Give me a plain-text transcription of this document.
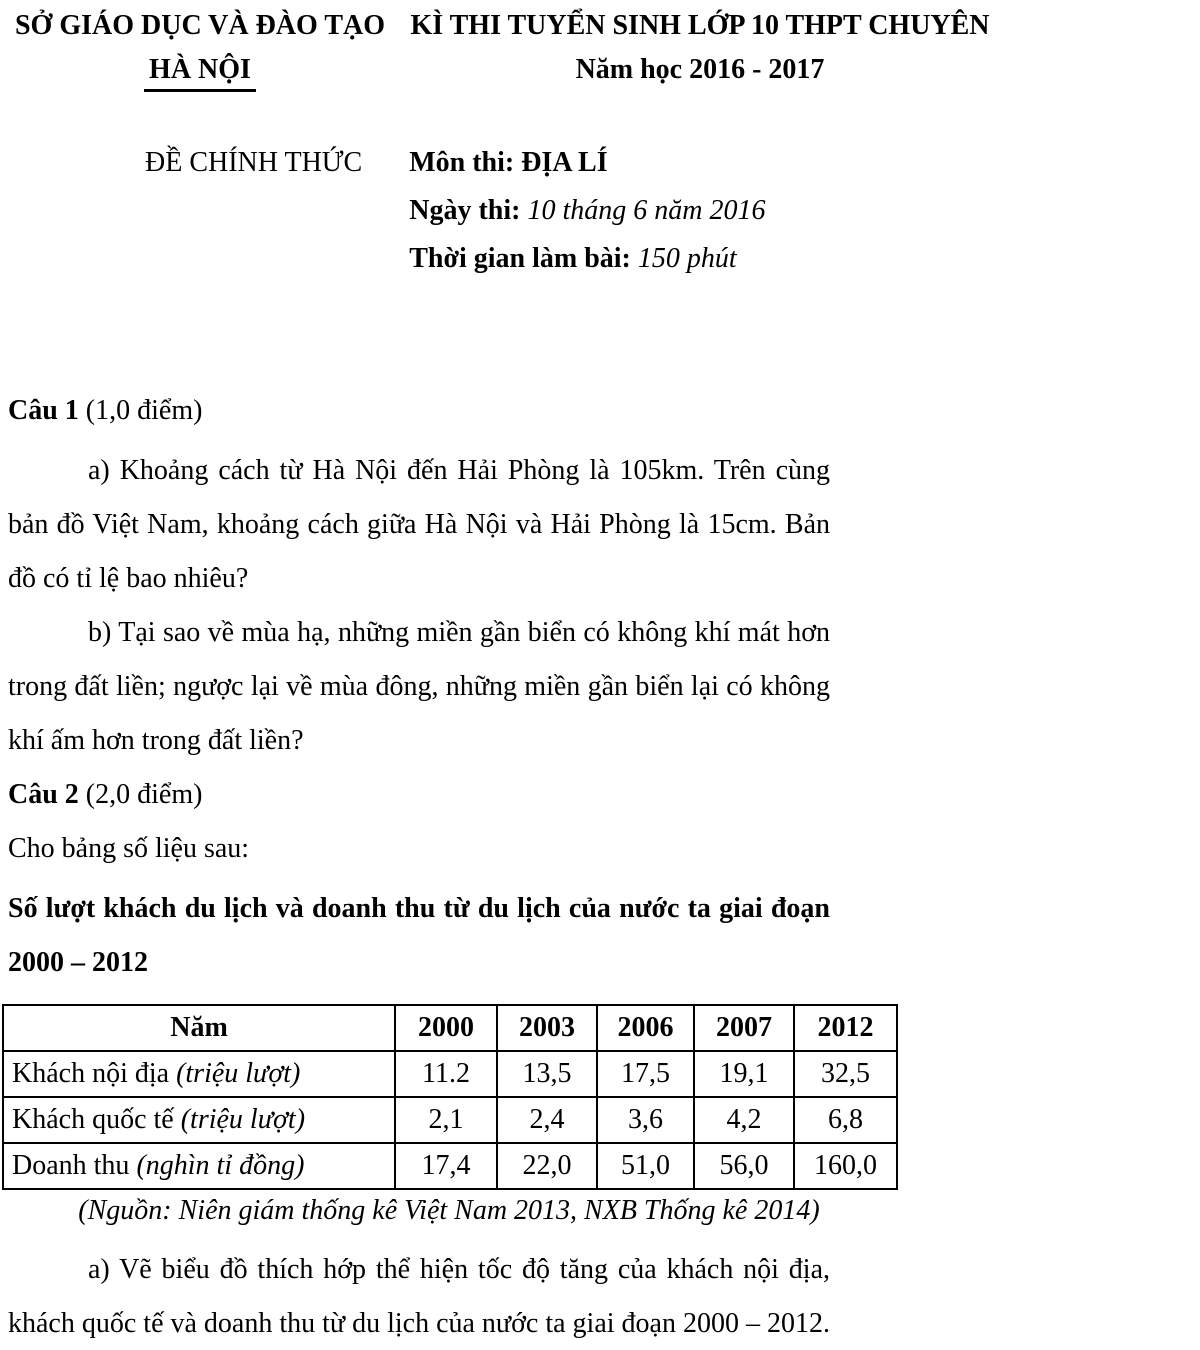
SỞ GIÁO DỤC VÀ ĐÀO TẠO
HÀ NỘI
KÌ THI TUYỂN SINH LỚP 10 THPT CHUYÊN
Năm học 2016 - 2017
ĐỀ CHÍNH THỨC Môn thi: ĐỊA LÍ
Ngày thi: 10 tháng 6 năm 2016
Thời gian làm bài: 150 phút
Câu 1 (1,0 điểm)

a) Khoảng cách từ Hà Nội đến Hải Phòng là 105km. Trên cùng bản đồ Việt Nam, khoảng cách giữa Hà Nội và Hải Phòng là 15cm. Bản đồ có tỉ lệ bao nhiêu?

b) Tại sao về mùa hạ, những miền gần biển có không khí mát hơn trong đất liền; ngược lại về mùa đông, những miền gần biển lại có không khí ấm hơn trong đất liền?

Câu 2 (2,0 điểm)

Cho bảng số liệu sau:

Số lượt khách du lịch và doanh thu từ du lịch của nước ta giai đoạn 2000 – 2012

Năm	2000	2003	2006	2007	2012
Khách nội địa (triệu lượt)	11.2	13,5	17,5	19,1	32,5
Khách quốc tế (triệu lượt)	2,1	2,4	3,6	4,2	6,8
Doanh thu (nghìn tỉ đồng)	17,4	22,0	51,0	56,0	160,0
(Nguồn: Niên giám thống kê Việt Nam 2013, NXB Thống kê 2014)

a) Vẽ biểu đồ thích hớp thể hiện tốc độ tăng của khách nội địa, khách quốc tế và doanh thu từ du lịch của nước ta giai đoạn 2000 – 2012.
